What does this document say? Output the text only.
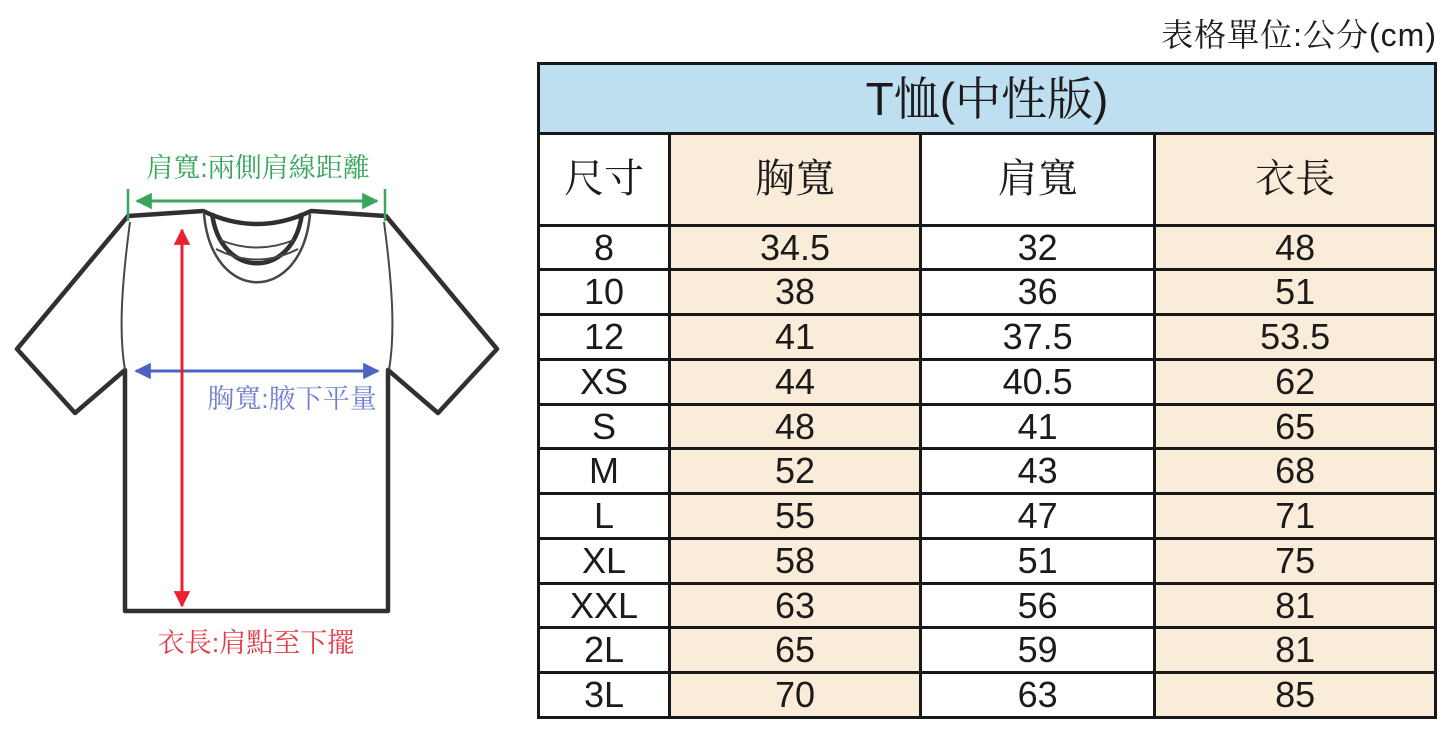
表格單位:公分(cm)
胸寬:腋下平量
肩寬:兩側肩線距離
衣長:肩點至下擺
T恤(中性版)			
尺寸	胸寬	肩寬	衣長
8	34.5	32	48
10	38	36	51
12	41	37.5	53.5
XS	44	40.5	62
S	48	41	65
M	52	43	68
L	55	47	71
XL	58	51	75
XXL	63	56	81
2L	65	59	81
3L	70	63	85
